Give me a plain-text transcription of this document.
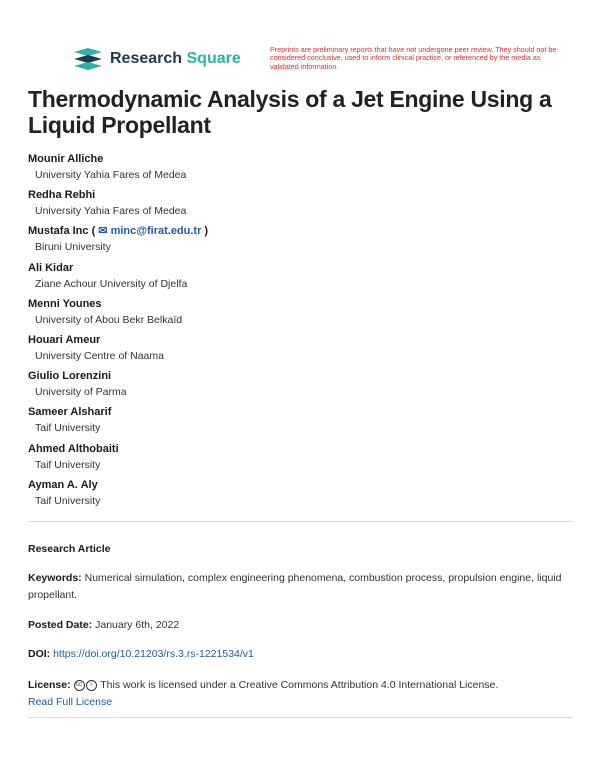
Research Square
Preprints are preliminary reports that have not undergone peer review. They should not be considered conclusive, used to inform clinical practice, or referenced by the media as validated information.
Thermodynamic Analysis of a Jet Engine Using a Liquid Propellant
Mounir Alliche
University Yahia Fares of Medea
Redha Rebhi
University Yahia Fares of Medea
Mustafa Inc ( ✉ minc@firat.edu.tr )
Biruni University
Ali Kidar
Ziane Achour University of Djelfa
Menni Younes
University of Abou Bekr Belkaïd
Houari Ameur
University Centre of Naama
Giulio Lorenzini
University of Parma
Sameer Alsharif
Taif University
Ahmed Althobaiti
Taif University
Ayman A. Aly
Taif University
Research Article
Keywords: Numerical simulation, complex engineering phenomena, combustion process, propulsion engine, liquid propellant.
Posted Date: January 6th, 2022
DOI: https://doi.org/10.21203/rs.3.rs-1221534/v1
License: cc i This work is licensed under a Creative Commons Attribution 4.0 International License.
Read Full License
